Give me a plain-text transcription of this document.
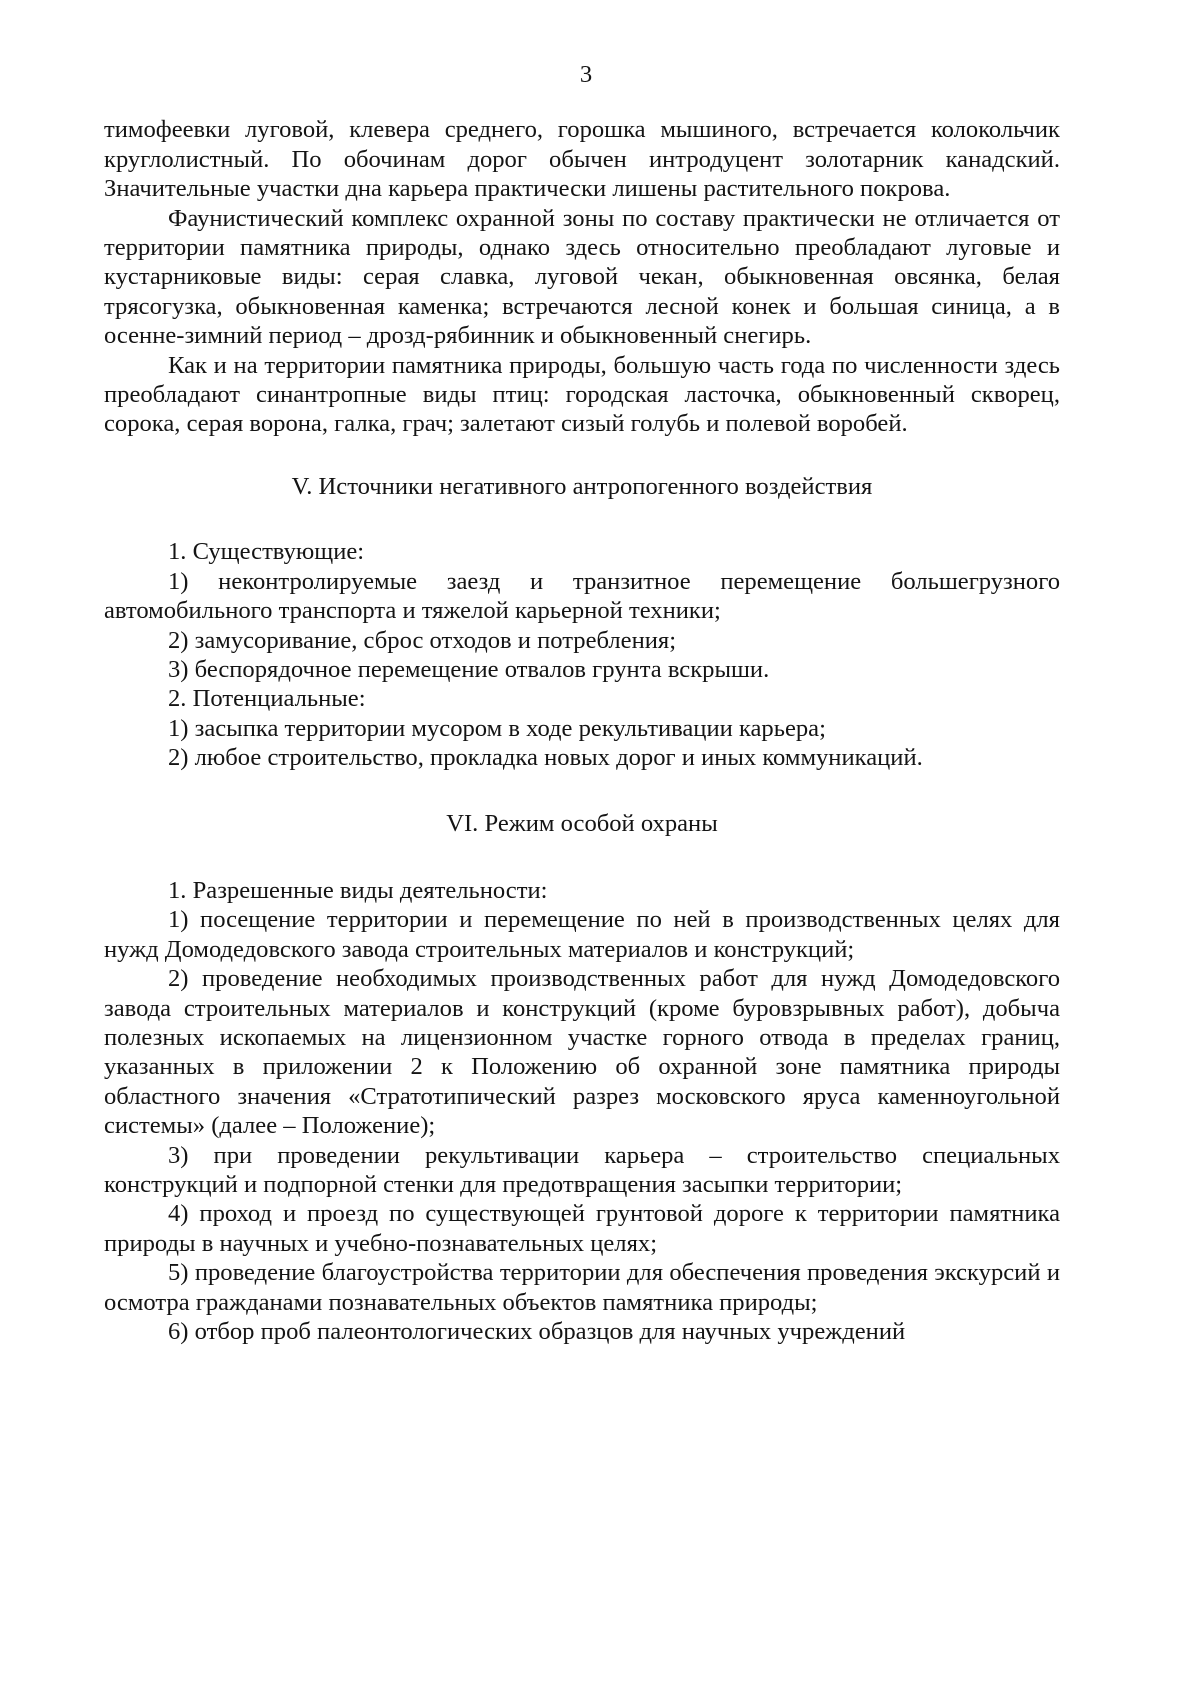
3

тимофеевки луговой, клевера среднего, горошка мышиного, встречается колокольчик круглолистный. По обочинам дорог обычен интродуцент золотарник канадский. Значительные участки дна карьера практически лишены растительного покрова.

Фаунистический комплекс охранной зоны по составу практически не отличается от территории памятника природы, однако здесь относительно преобладают луговые и кустарниковые виды: серая славка, луговой чекан, обыкновенная овсянка, белая трясогузка, обыкновенная каменка; встречаются лесной конек и большая синица, а в осенне-зимний период – дрозд-рябинник и обыкновенный снегирь.

Как и на территории памятника природы, большую часть года по численности здесь преобладают синантропные виды птиц: городская ласточка, обыкновенный скворец, сорока, серая ворона, галка, грач; залетают сизый голубь и полевой воробей.

V. Источники негативного антропогенного воздействия

1. Существующие:

1) неконтролируемые заезд и транзитное перемещение большегрузного автомобильного транспорта и тяжелой карьерной техники;

2) замусоривание, сброс отходов и потребления;

3) беспорядочное перемещение отвалов грунта вскрыши.

2. Потенциальные:

1) засыпка территории мусором в ходе рекультивации карьера;

2) любое строительство, прокладка новых дорог и иных коммуникаций.

VI. Режим особой охраны

1. Разрешенные виды деятельности:

1) посещение территории и перемещение по ней в производственных целях для нужд Домодедовского завода строительных материалов и конструкций;

2) проведение необходимых производственных работ для нужд Домодедовского завода строительных материалов и конструкций (кроме буровзрывных работ), добыча полезных ископаемых на лицензионном участке горного отвода в пределах границ, указанных в приложении 2 к Положению об охранной зоне памятника природы областного значения «Стратотипический разрез московского яруса каменноугольной системы» (далее – Положение);

3) при проведении рекультивации карьера – строительство специальных конструкций и подпорной стенки для предотвращения засыпки территории;

4) проход и проезд по существующей грунтовой дороге к территории памятника природы в научных и учебно-познавательных целях;

5) проведение благоустройства территории для обеспечения проведения экскурсий и осмотра гражданами познавательных объектов памятника природы;

6) отбор проб палеонтологических образцов для научных учреждений
